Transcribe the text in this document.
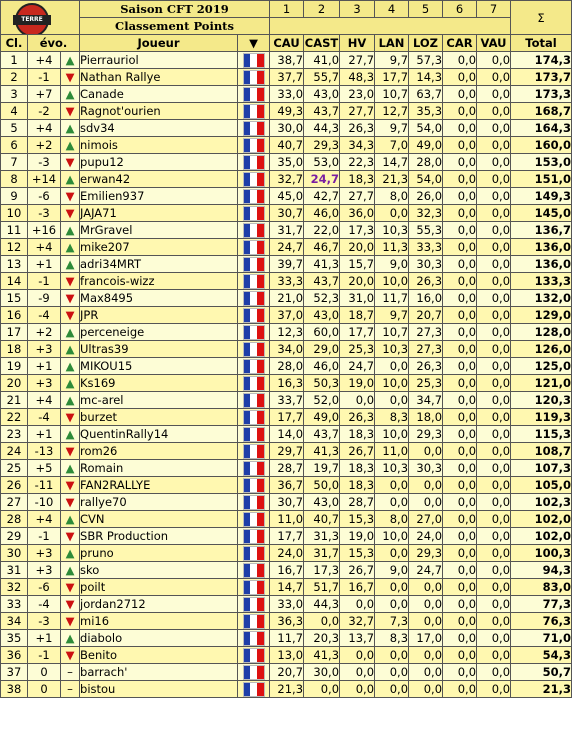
TERRE			Saison CFT 2019		1	2	3	4	5	6	7	Σ
			Classement Points									
Cl.	évo.		Joueur	▼	CAU	CAST	HV	LAN	LOZ	CAR	VAU	Total
1	+4	▲	Pierrauriol		38,7	41,0	27,7	9,7	57,3	0,0	0,0	174,3
2	-1	▼	Nathan Rallye		37,7	55,7	48,3	17,7	14,3	0,0	0,0	173,7
3	+7	▲	Canade		33,0	43,0	23,0	10,7	63,7	0,0	0,0	173,3
4	-2	▼	Ragnot'ourien		49,3	43,7	27,7	12,7	35,3	0,0	0,0	168,7
5	+4	▲	sdv34		30,0	44,3	26,3	9,7	54,0	0,0	0,0	164,3
6	+2	▲	nimois		40,7	29,3	34,3	7,0	49,0	0,0	0,0	160,0
7	-3	▼	pupu12		35,0	53,0	22,3	14,7	28,0	0,0	0,0	153,0
8	+14	▲	erwan42		32,7	24,7	18,3	21,3	54,0	0,0	0,0	151,0
9	-6	▼	Emilien937		45,0	42,7	27,7	8,0	26,0	0,0	0,0	149,3
10	-3	▼	JAJA71		30,7	46,0	36,0	0,0	32,3	0,0	0,0	145,0
11	+16	▲	MrGravel		31,7	22,0	17,3	10,3	55,3	0,0	0,0	136,7
12	+4	▲	mike207		24,7	46,7	20,0	11,3	33,3	0,0	0,0	136,0
13	+1	▲	adri34MRT		39,7	41,3	15,7	9,0	30,3	0,0	0,0	136,0
14	-1	▼	francois-wizz		33,3	43,7	20,0	10,0	26,3	0,0	0,0	133,3
15	-9	▼	Max8495		21,0	52,3	31,0	11,7	16,0	0,0	0,0	132,0
16	-4	▼	JPR		37,0	43,0	18,7	9,7	20,7	0,0	0,0	129,0
17	+2	▲	perceneige		12,3	60,0	17,7	10,7	27,3	0,0	0,0	128,0
18	+3	▲	Ultras39		34,0	29,0	25,3	10,3	27,3	0,0	0,0	126,0
19	+1	▲	MIKOU15		28,0	46,0	24,7	0,0	26,3	0,0	0,0	125,0
20	+3	▲	Ks169		16,3	50,3	19,0	10,0	25,3	0,0	0,0	121,0
21	+4	▲	mc-arel		33,7	52,0	0,0	0,0	34,7	0,0	0,0	120,3
22	-4	▼	burzet		17,7	49,0	26,3	8,3	18,0	0,0	0,0	119,3
23	+1	▲	QuentinRally14		14,0	43,7	18,3	10,0	29,3	0,0	0,0	115,3
24	-13	▼	rom26		29,7	41,3	26,7	11,0	0,0	0,0	0,0	108,7
25	+5	▲	Romain		28,7	19,7	18,3	10,3	30,3	0,0	0,0	107,3
26	-11	▼	FAN2RALLYE		36,7	50,0	18,3	0,0	0,0	0,0	0,0	105,0
27	-10	▼	rallye70		30,7	43,0	28,7	0,0	0,0	0,0	0,0	102,3
28	+4	▲	CVN		11,0	40,7	15,3	8,0	27,0	0,0	0,0	102,0
29	-1	▼	SBR Production		17,7	31,3	19,0	10,0	24,0	0,0	0,0	102,0
30	+3	▲	pruno		24,0	31,7	15,3	0,0	29,3	0,0	0,0	100,3
31	+3	▲	sko		16,7	17,3	26,7	9,0	24,7	0,0	0,0	94,3
32	-6	▼	poilt		14,7	51,7	16,7	0,0	0,0	0,0	0,0	83,0
33	-4	▼	jordan2712		33,0	44,3	0,0	0,0	0,0	0,0	0,0	77,3
34	-3	▼	mi16		36,3	0,0	32,7	7,3	0,0	0,0	0,0	76,3
35	+1	▲	diabolo		11,7	20,3	13,7	8,3	17,0	0,0	0,0	71,0
36	-1	▼	Benito		13,0	41,3	0,0	0,0	0,0	0,0	0,0	54,3
37	0	–	barrach'		20,7	30,0	0,0	0,0	0,0	0,0	0,0	50,7
38	0	–	bistou		21,3	0,0	0,0	0,0	0,0	0,0	0,0	21,3
